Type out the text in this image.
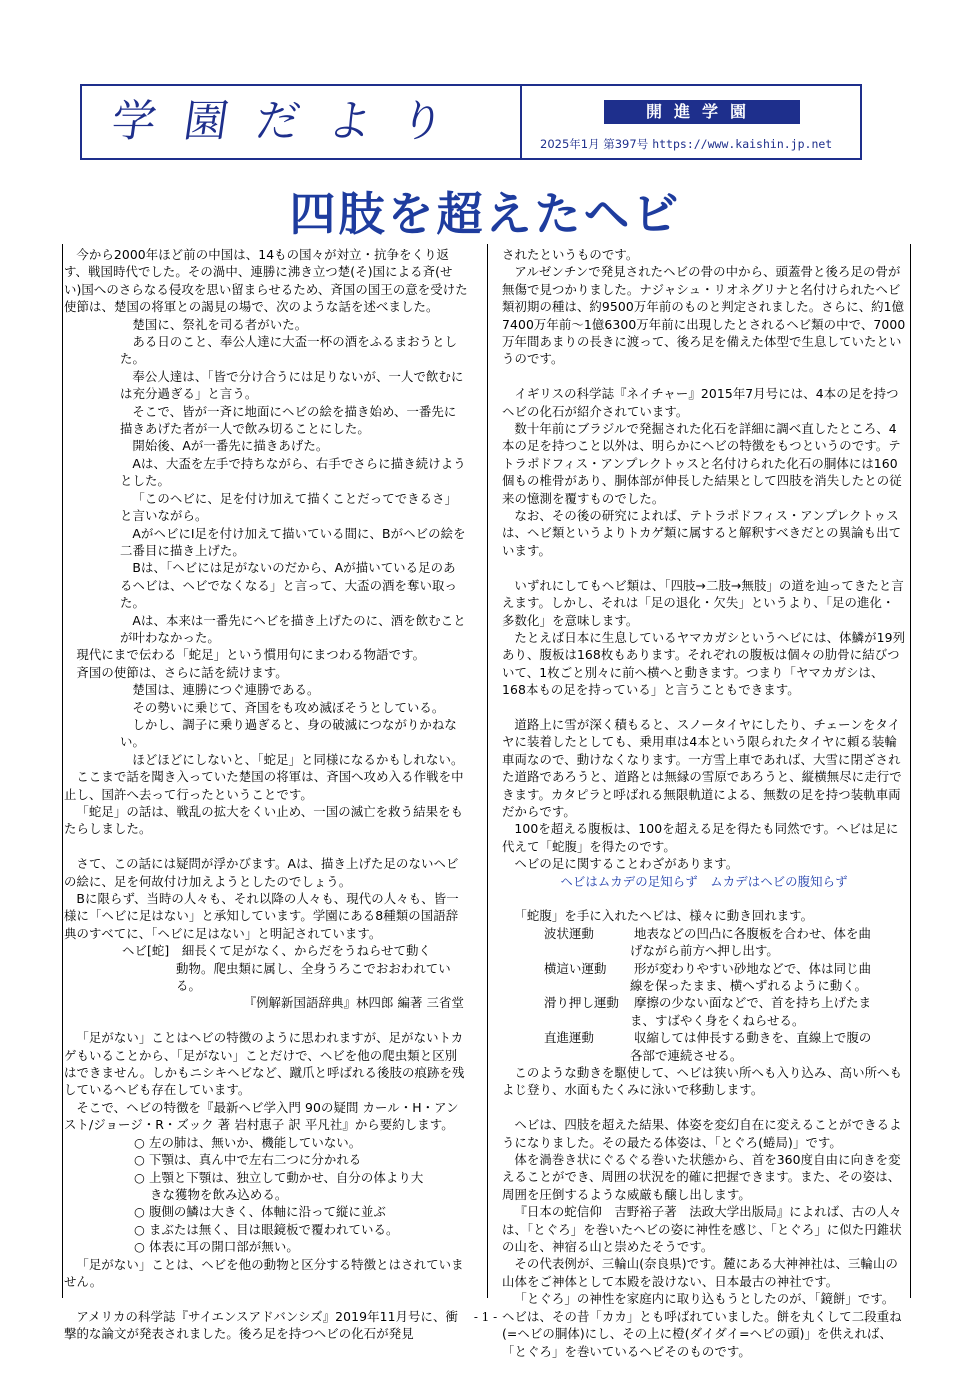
学園だより	開進学園
2025年1月 第397号 https://www.kaishin.jp.net
四肢を超えたヘビ

今から2000年ほど前の中国は、14もの国々が対立・抗争をくり返す、戦国時代でした。その渦中、連勝に沸き立つ楚(そ)国による斉(せい)国へのさらなる侵攻を思い留まらせるため、斉国の国王の意を受けた使節は、楚国の将軍との謁見の場で、次のような話を述べました。

楚国に、祭礼を司る者がいた。

ある日のこと、奉公人達に大盃一杯の酒をふるまおうとした。

奉公人達は、「皆で分け合うには足りないが、一人で飲むには充分過ぎる」と言う。

そこで、皆が一斉に地面にヘビの絵を描き始め、一番先に描きあげた者が一人で飲み切ることにした。

開始後、Aが一番先に描きあげた。

Aは、大盃を左手で持ちながら、右手でさらに描き続けようとした。

「このヘビに、足を付け加えて描くことだってできるさ」と言いながら。

AがヘビにI足を付け加えて描いている間に、Bがヘビの絵を二番目に描き上げた。

Bは、「ヘビには足がないのだから、Aが描いている足のあるヘビは、ヘビでなくなる」と言って、大盃の酒を奪い取った。

Aは、本来は一番先にヘビを描き上げたのに、酒を飲むことが叶わなかった。

現代にまで伝わる「蛇足」という慣用句にまつわる物語です。

斉国の使節は、さらに話を続けます。

楚国は、連勝につぐ連勝である。

その勢いに乗じて、斉国をも攻め滅ぼそうとしている。

しかし、調子に乗り過ぎると、身の破滅につながりかねない。

ほどほどにしないと、「蛇足」と同様になるかもしれない。

ここまで話を聞き入っていた楚国の将軍は、斉国へ攻め入る作戦を中止し、国許へ去って行ったということです。

「蛇足」の話は、戦乱の拡大をくい止め、一国の滅亡を救う結果をもたらしました。

さて、この話には疑問が浮かびます。Aは、描き上げた足のないヘビの絵に、足を何故付け加えようとしたのでしょう。

Bに限らず、当時の人々も、それ以降の人々も、現代の人々も、皆一様に「ヘビに足はない」と承知しています。学園にある8種類の国語辞典のすべてに、「ヘビに足はない」と明記されています。

ヘビ[蛇]　細長くて足がなく、からだをうねらせて動く

動物。爬虫類に属し、全身うろこでおおわれている。

『例解新国語辞典』林四郎 編著 三省堂

「足がない」ことはヘビの特徴のように思われますが、足がないトカゲもいることから、「足がない」ことだけで、ヘビを他の爬虫類と区別はできません。しかもニシキヘビなど、蹴爪と呼ばれる後肢の痕跡を残しているヘビも存在しています。

そこで、ヘビの特徴を『最新ヘビ学入門 90の疑問 カール・H・アンスト/ジョージ・R・ズック 著 岩村恵子 訳 平凡社』から要約します。

○ 左の肺は、無いか、機能していない。

○ 下顎は、真ん中で左右二つに分かれる

○ 上顎と下顎は、独立して動かせ、自分の体より大

きな獲物を飲み込める。

○ 腹側の鱗は大きく、体軸に沿って縦に並ぶ

○ まぶたは無く、目は眼鏡板で覆われている。

○ 体表に耳の開口部が無い。

「足がない」ことは、ヘビを他の動物と区分する特徴とはされていません。

アメリカの科学誌『サイエンスアドバンシズ』2019年11月号に、衝撃的な論文が発表されました。後ろ足を持つヘビの化石が発見

されたというものです。

アルゼンチンで発見されたヘビの骨の中から、頭蓋骨と後ろ足の骨が無傷で見つかりました。ナジャシュ・リオネグリナと名付けられたヘビ類初期の種は、約9500万年前のものと判定されました。さらに、約1億7400万年前～1億6300万年前に出現したとされるヘビ類の中で、7000万年間あまりの長きに渡って、後ろ足を備えた体型で生息していたというのです。

イギリスの科学誌『ネイチャー』2015年7月号には、4本の足を持つヘビの化石が紹介されています。

数十年前にブラジルで発掘された化石を詳細に調べ直したところ、4本の足を持つこと以外は、明らかにヘビの特徴をもつというのです。テトラポドフィス・アンプレクトゥスと名付けられた化石の胴体には160個もの椎骨があり、胴体部が伸長した結果として四肢を消失したとの従来の憶測を覆すものでした。

なお、その後の研究によれば、テトラポドフィス・アンプレクトゥスは、ヘビ類というよりトカゲ類に属すると解釈すべきだとの異論も出ています。

いずれにしてもヘビ類は、「四肢→二肢→無肢」の道を辿ってきたと言えます。しかし、それは「足の退化・欠失」というより、「足の進化・多数化」を意味します。

たとえば日本に生息しているヤマカガシというヘビには、体鱗が19列あり、腹板は168枚もあります。それぞれの腹板は個々の肋骨に結びついて、1枚ごと別々に前へ横へと動きます。つまり「ヤマカガシは、168本もの足を持っている」と言うこともできます。

道路上に雪が深く積もると、スノータイヤにしたり、チェーンをタイヤに装着したとしても、乗用車は4本という限られたタイヤに頼る装輪車両なので、動けなくなります。一方雪上車であれば、大雪に閉ざされた道路であろうと、道路とは無縁の雪原であろうと、縦横無尽に走行できます。カタピラと呼ばれる無限軌道による、無数の足を持つ装軌車両だからです。

100を超える腹板は、100を超える足を得たも同然です。ヘビは足に代えて「蛇腹」を得たのです。

ヘビの足に関することわざがあります。

ヘビはムカデの足知らず　ムカデはヘビの腹知らず

「蛇腹」を手に入れたヘビは、様々に動き回れます。

波状運動	地表などの凹凸に各腹板を合わせ、体を曲

げながら前方へ押し出す。

横這い運動 形が変わりやすい砂地などで、体は同じ曲

線を保ったまま、横へずれるように動く。

滑り押し運動 摩擦の少ない面などで、首を持ち上げたま

ま、すばやく身をくねらせる。

直進運動	収縮しては伸長する動きを、直線上で腹の

各部で連続させる。

このような動きを駆使して、ヘビは狭い所へも入り込み、高い所へもよじ登り、水面もたくみに泳いで移動します。

ヘビは、四肢を超えた結果、体姿を変幻自在に変えることができるようになりました。その最たる体姿は、「とぐろ(蜷局)」です。

体を渦巻き状にぐるぐる巻いた状態から、首を360度自由に向きを変えることができ、周囲の状況を的確に把握できます。また、その姿は、周囲を圧倒するような威厳も醸し出します。

『日本の蛇信仰　吉野裕子著　法政大学出版局』によれば、古の人々は、「とぐろ」を巻いたヘビの姿に神性を感じ、「とぐろ」に似た円錐状の山を、神宿る山と崇めたそうです。

その代表例が、三輪山(奈良県)です。麓にある大神神社は、三輪山の山体をご神体として本殿を設けない、日本最古の神社です。

「とぐろ」の神性を家庭内に取り込もうとしたのが、「鏡餅」です。ヘビは、その昔「カカ」とも呼ばれていました。餅を丸くして二段重ね(=ヘビの胴体)にし、その上に橙(ダイダイ=ヘビの頭)」を供えれば、「とぐろ」を巻いているヘビそのものです。

- 1 -
